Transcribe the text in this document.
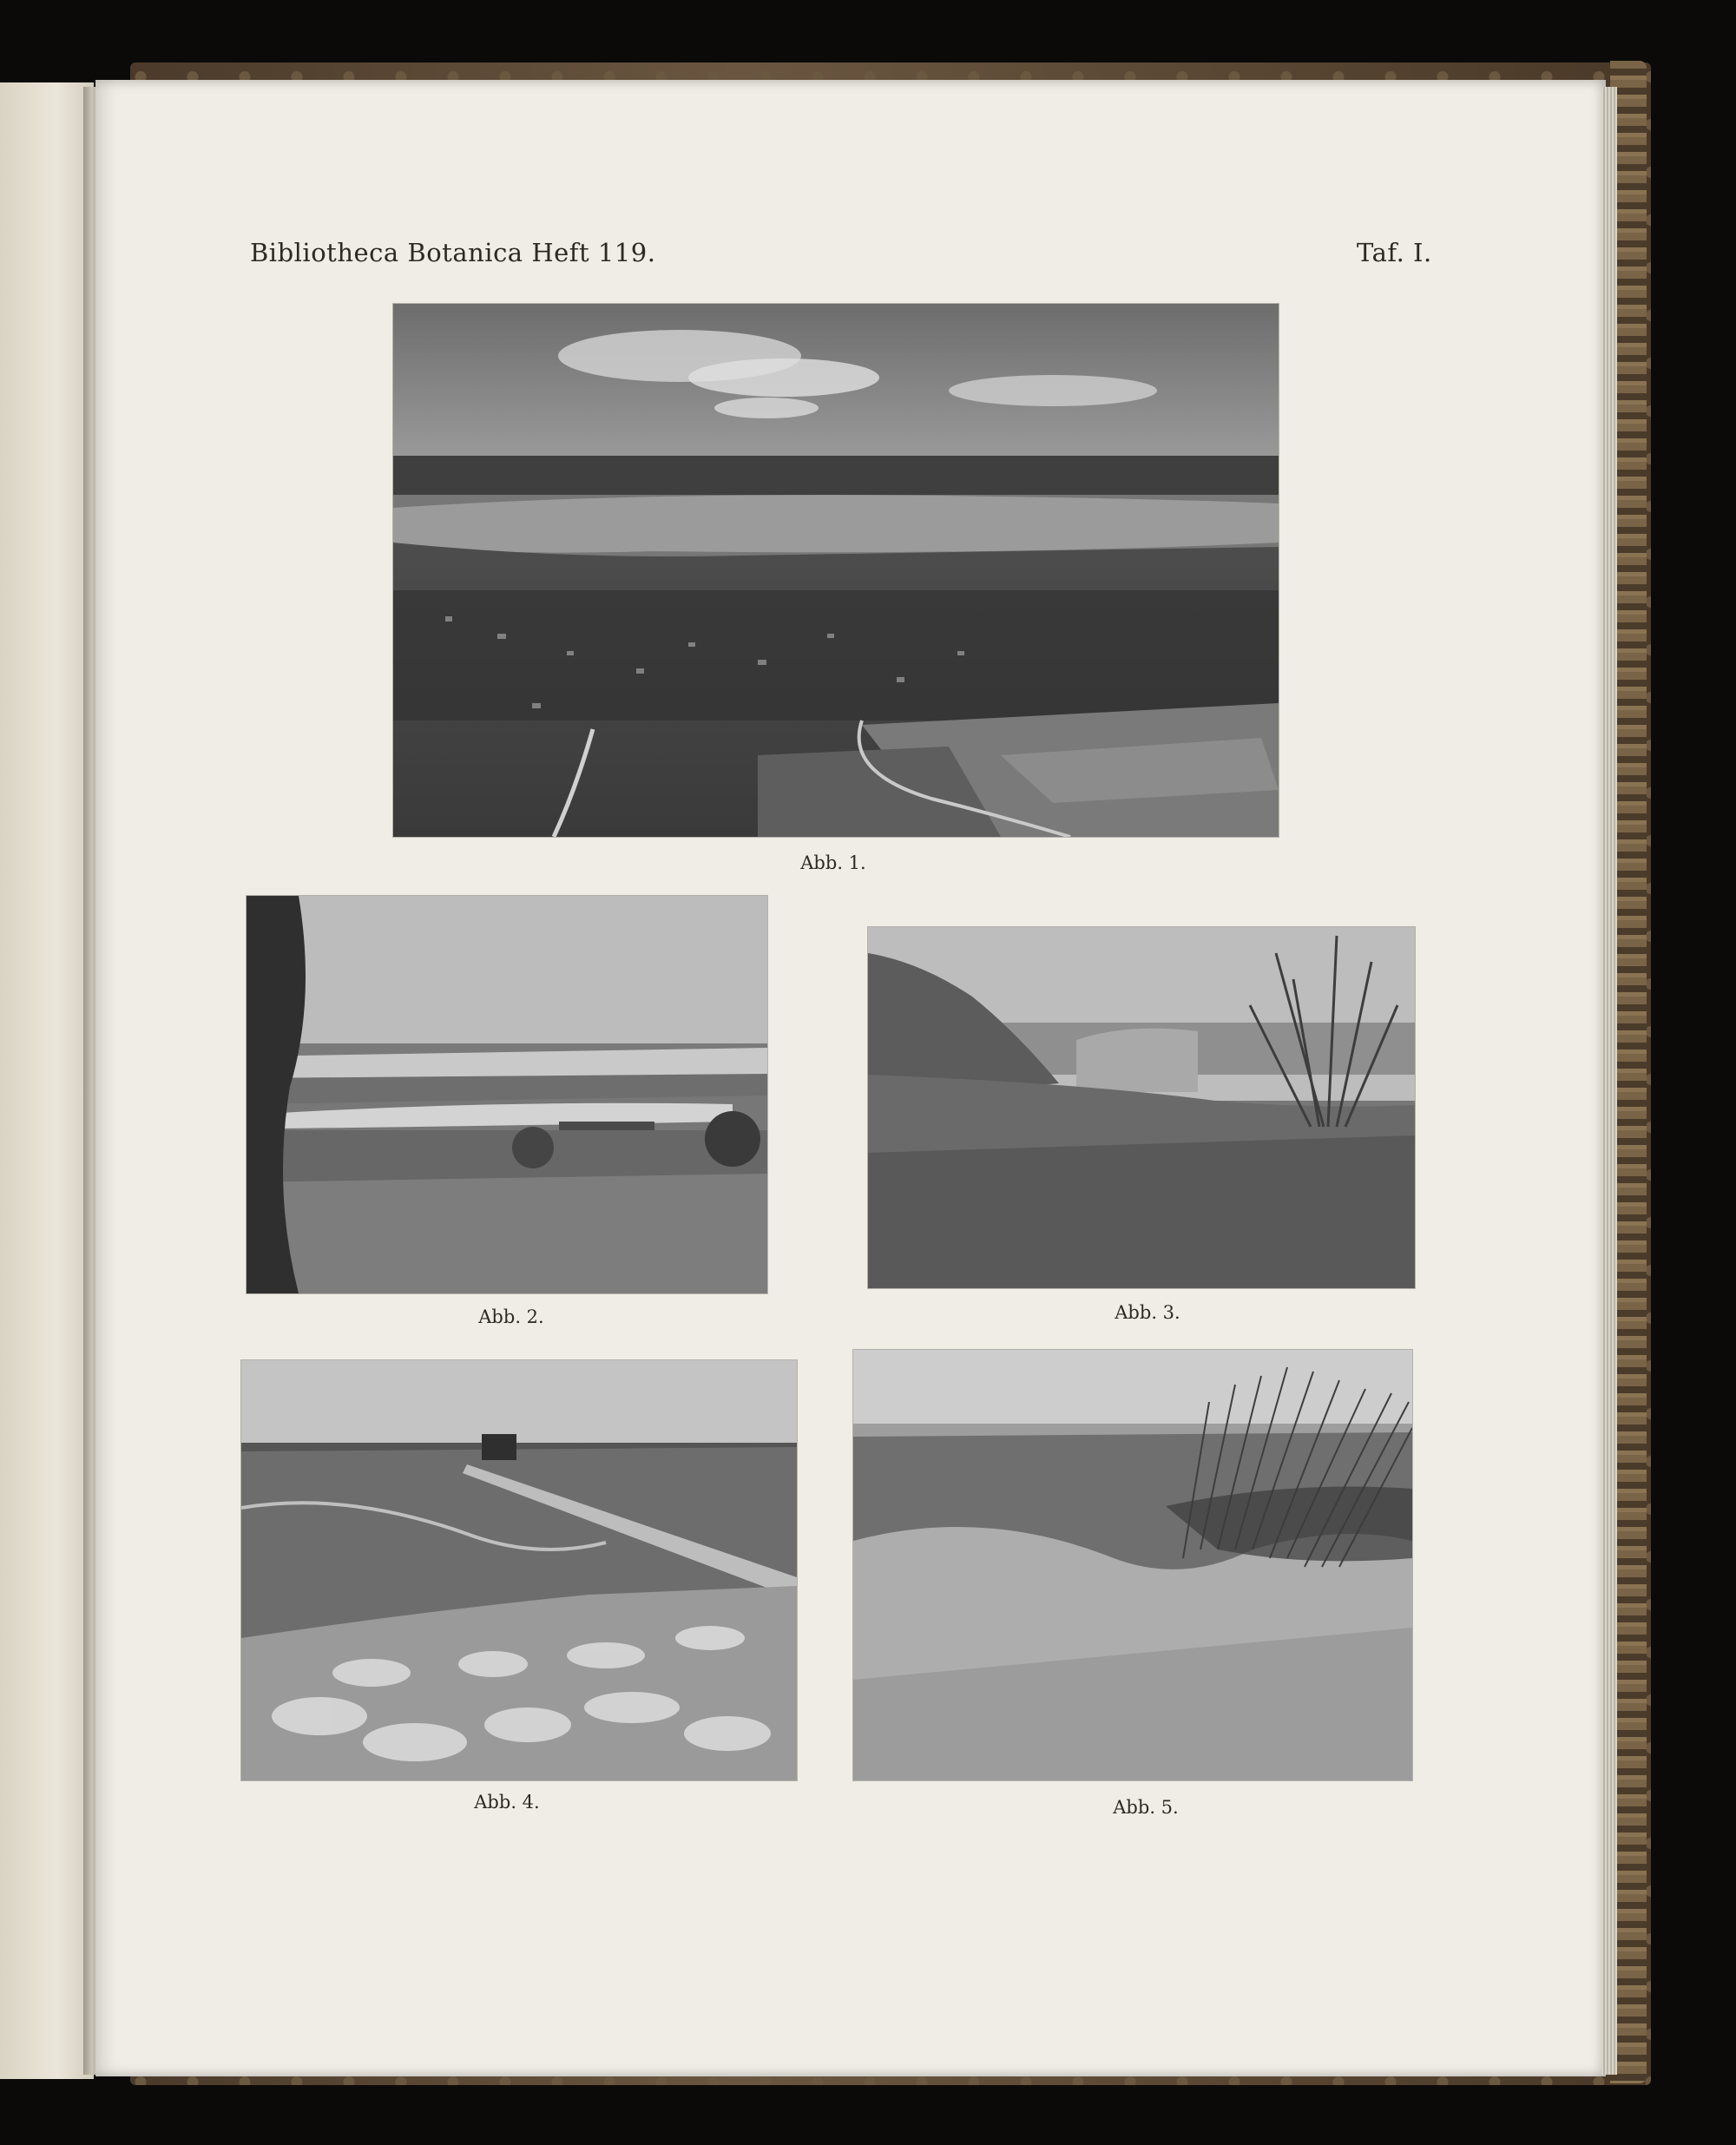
Bibliotheca Botanica Heft 119.	Taf. I.
Abb. 1.
Abb. 2.	Abb. 3.
Abb. 4.	Abb. 5.
